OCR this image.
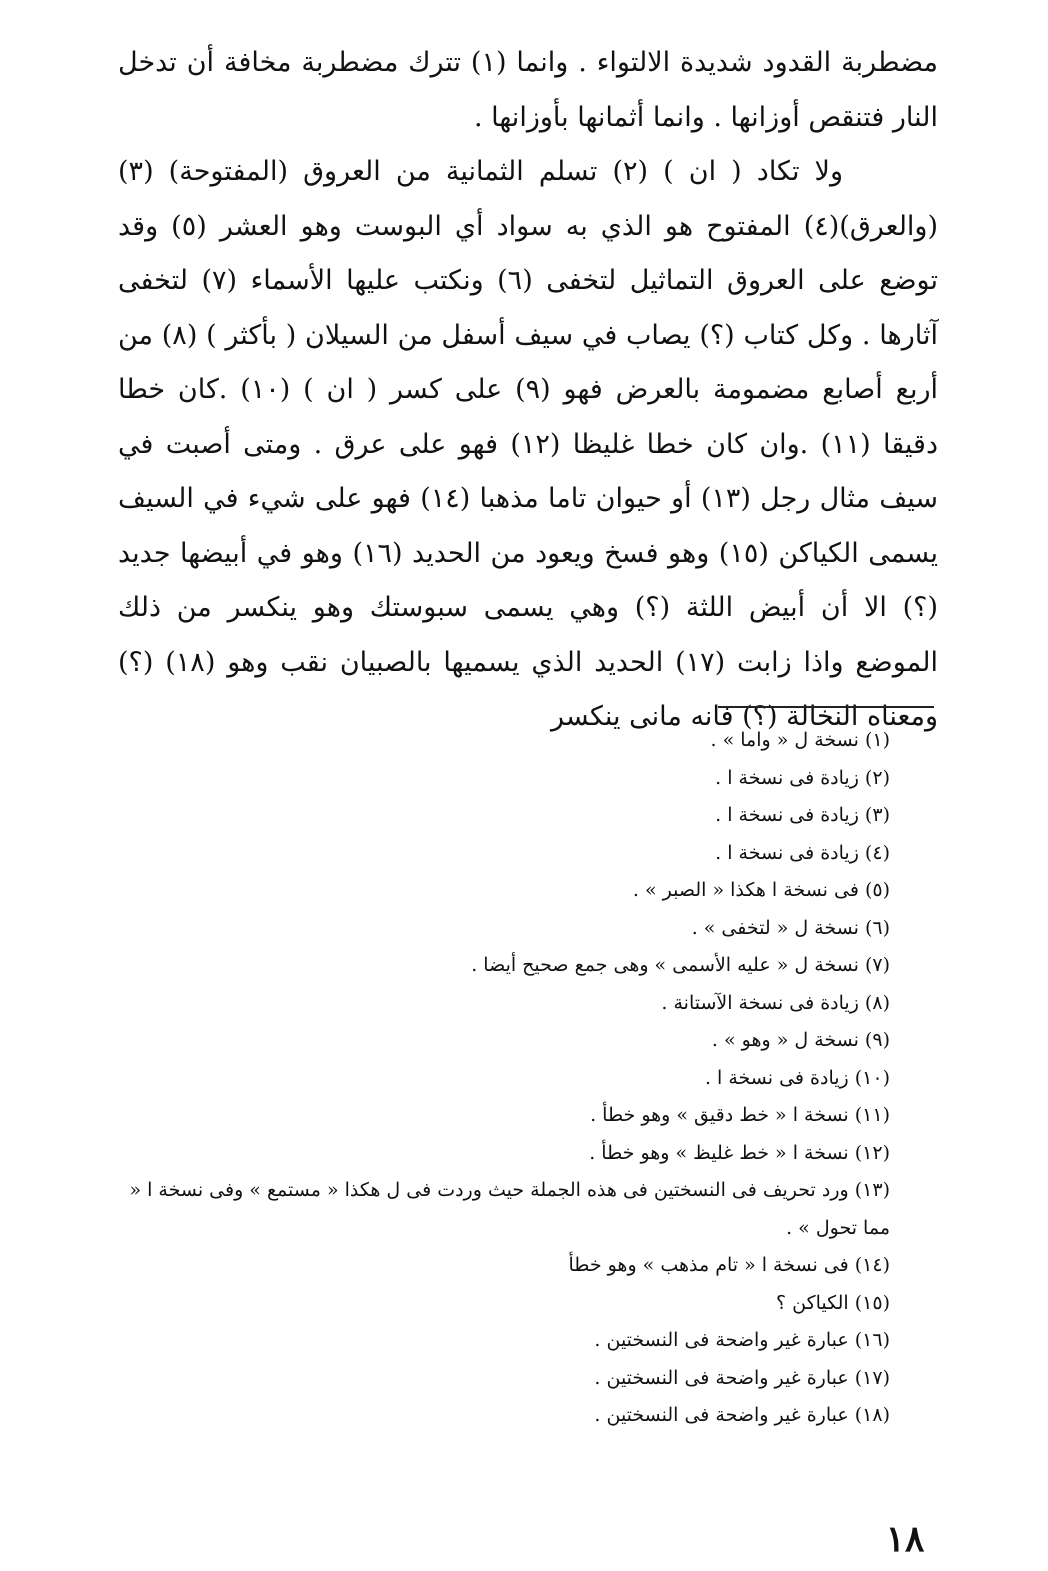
مضطربة القدود شديدة الالتواء . وانما (١) تترك مضطربة مخافة أن تدخل النار فتنقص أوزانها . وانما أثمانها بأوزانها .

ولا تكاد ( ان ) (٢) تسلم الثمانية من العروق (المفتوحة) (٣) (والعرق)(٤) المفتوح هو الذي به سواد أي البوست وهو العشر (٥) وقد توضع على العروق التماثيل لتخفى (٦) ونكتب عليها الأسماء (٧) لتخفى آثارها . وكل كتاب (؟) يصاب في سيف أسفل من السيلان ( بأكثر ) (٨) من أربع أصابع مضمومة بالعرض فهو (٩) على كسر ( ان ) (١٠) .كان خطا دقيقا (١١) .وان كان خطا غليظا (١٢) فهو على عرق . ومتى أصبت في سيف مثال رجل (١٣) أو حيوان تاما مذهبا (١٤) فهو على شيء في السيف يسمى الكياكن (١٥) وهو فسخ ويعود من الحديد (١٦) وهو في أبيضها جديد (؟) الا أن أبيض اللثة (؟) وهي يسمى سبوستك وهو ينكسر من ذلك الموضع واذا زابت (١٧) الحديد الذي يسميها بالصبيان نقب وهو (١٨) (؟) ومعناه النخالة (؟) فانه مانى ينكسر

(١) نسخة ل « واما » .
(٢) زيادة فى نسخة ا .
(٣) زيادة فى نسخة ا .
(٤) زيادة فى نسخة ا .
(٥) فى نسخة ا هكذا « الصبر » .
(٦) نسخة ل « لتخفى » .
(٧) نسخة ل « عليه الأسمى » وهى جمع صحيح أيضا .
(٨) زيادة فى نسخة الآستانة .
(٩) نسخة ل « وهو » .
(١٠) زيادة فى نسخة ا .
(١١) نسخة ا « خط دقيق » وهو خطأ .
(١٢) نسخة ا « خط غليظ » وهو خطأ .
(١٣) ورد تحريف فى النسختين فى هذه الجملة حيث وردت فى ل هكذا « مستمع » وفى نسخة ا « مما تحول » .
(١٤) فى نسخة ا « تام مذهب » وهو خطأ
(١٥) الكياكن ؟
(١٦) عبارة غير واضحة فى النسختين .
(١٧) عبارة غير واضحة فى النسختين .
(١٨) عبارة غير واضحة فى النسختين .
١٨
